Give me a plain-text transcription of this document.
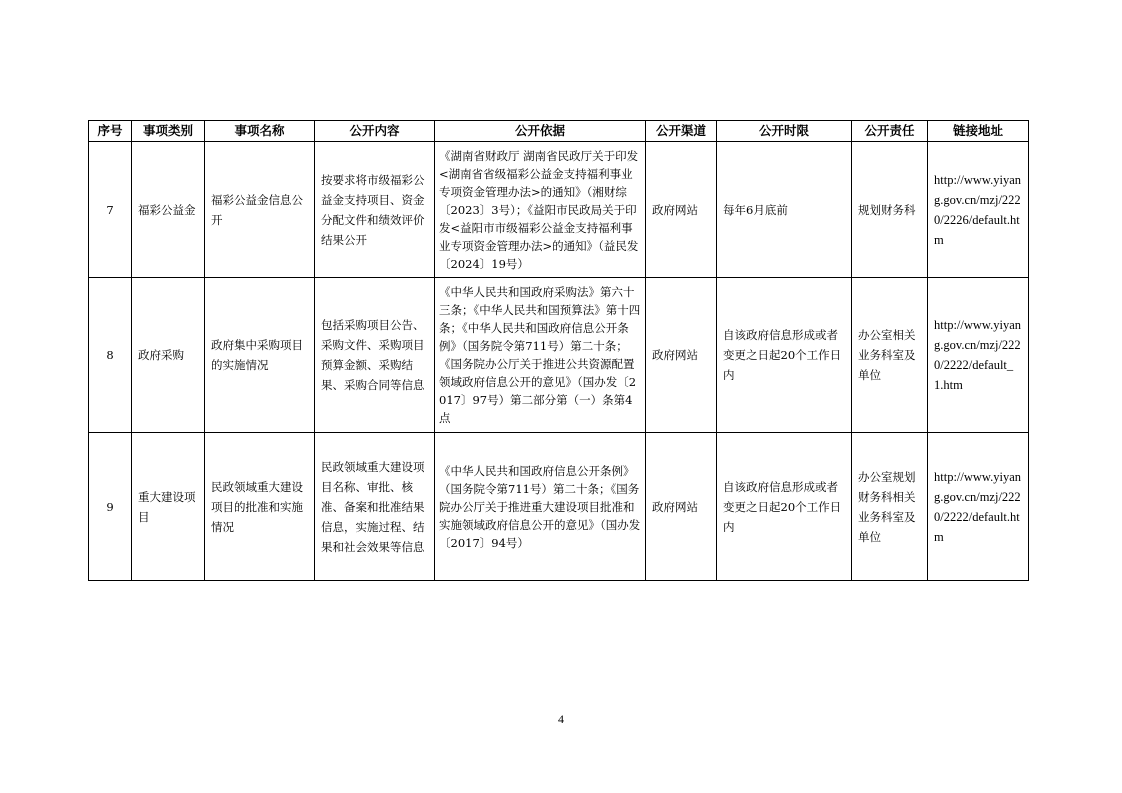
序号	事项类别	事项名称	公开内容	公开依据	公开渠道	公开时限	公开责任	链接地址
7	福彩公益金	福彩公益金信息公开	按要求将市级福彩公益金支持项目、资金分配文件和绩效评价结果公开	《湖南省财政厅 湖南省民政厅关于印发<湖南省省级福彩公益金支持福利事业专项资金管理办法>的通知》（湘财综〔2023〕3号）；《益阳市民政局关于印发<益阳市市级福彩公益金支持福利事业专项资金管理办法>的通知》（益民发〔2024〕19号）	政府网站	每年6月底前	规划财务科	http://www.yiyang.gov.cn/mzj/2220/2226/default.htm
8	政府采购	政府集中采购项目的实施情况	包括采购项目公告、采购文件、采购项目预算金额、采购结果、采购合同等信息	《中华人民共和国政府采购法》第六十三条；《中华人民共和国预算法》第十四条；《中华人民共和国政府信息公开条例》（国务院令第711号）第二十条；《国务院办公厅关于推进公共资源配置领域政府信息公开的意见》（国办发〔2017〕97号）第二部分第（一）条第4点	政府网站	自该政府信息形成或者变更之日起20个工作日内	办公室相关业务科室及单位	http://www.yiyang.gov.cn/mzj/2220/2222/default_1.htm
9	重大建设项目	民政领域重大建设项目的批准和实施情况	民政领域重大建设项目名称、审批、核准、备案和批准结果信息，实施过程、结果和社会效果等信息	《中华人民共和国政府信息公开条例》（国务院令第711号）第二十条；《国务院办公厅关于推进重大建设项目批准和实施领域政府信息公开的意见》（国办发〔2017〕94号）	政府网站	自该政府信息形成或者变更之日起20个工作日内	办公室规划财务科相关业务科室及单位	http://www.yiyang.gov.cn/mzj/2220/2222/default.htm
4
